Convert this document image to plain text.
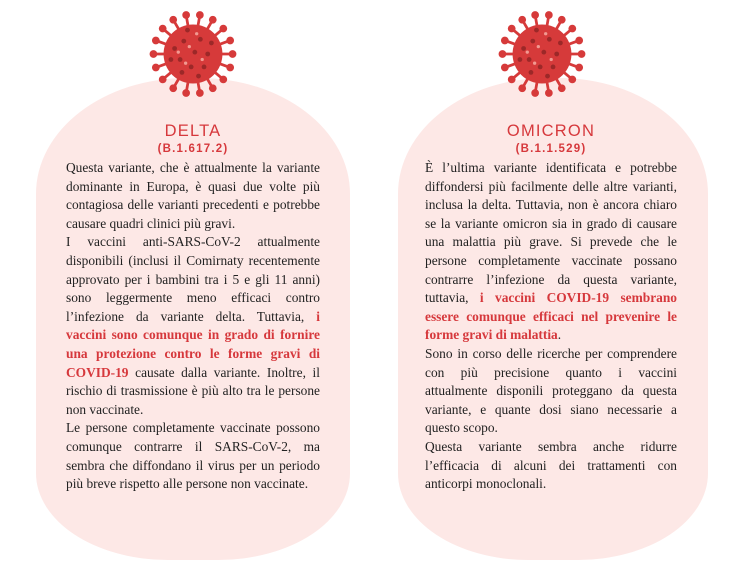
DELTA
(B.1.617.2)

Questa variante, che è attualmente la variante dominante in Europa, è quasi due volte più contagiosa delle varianti precedenti e potrebbe causare quadri clinici più gravi.

I vaccini anti-SARS-CoV-2 attualmente disponibili (inclusi il Comirnaty recentemente approvato per i bambini tra i 5 e gli 11 anni) sono leggermente meno efficaci contro l’infezione da variante delta. Tuttavia, i vaccini sono comunque in grado di fornire una protezione contro le forme gravi di COVID-19 causate dalla variante. Inoltre, il rischio di trasmissione è più alto tra le persone non vaccinate.

Le persone completamente vaccinate possono comunque contrarre il SARS-CoV-2, ma sembra che diffondano il virus per un periodo più breve rispetto alle persone non vaccinate.

OMICRON
(B.1.1.529)

È l’ultima variante identificata e potrebbe diffondersi più facilmente delle altre varianti, inclusa la delta. Tuttavia, non è ancora chiaro se la variante omicron sia in grado di causare una malattia più grave. Si prevede che le persone completamente vaccinate possano contrarre l’infezione da questa variante, tuttavia, i vaccini COVID-19 sembrano essere comunque efficaci nel prevenire le forme gravi di malattia.

Sono in corso delle ricerche per comprendere con più precisione quanto i vaccini attualmente disponili proteggano da questa variante, e quante dosi siano necessarie a questo scopo.

Questa variante sembra anche ridurre l’efficacia di alcuni dei trattamenti con anticorpi monoclonali.
